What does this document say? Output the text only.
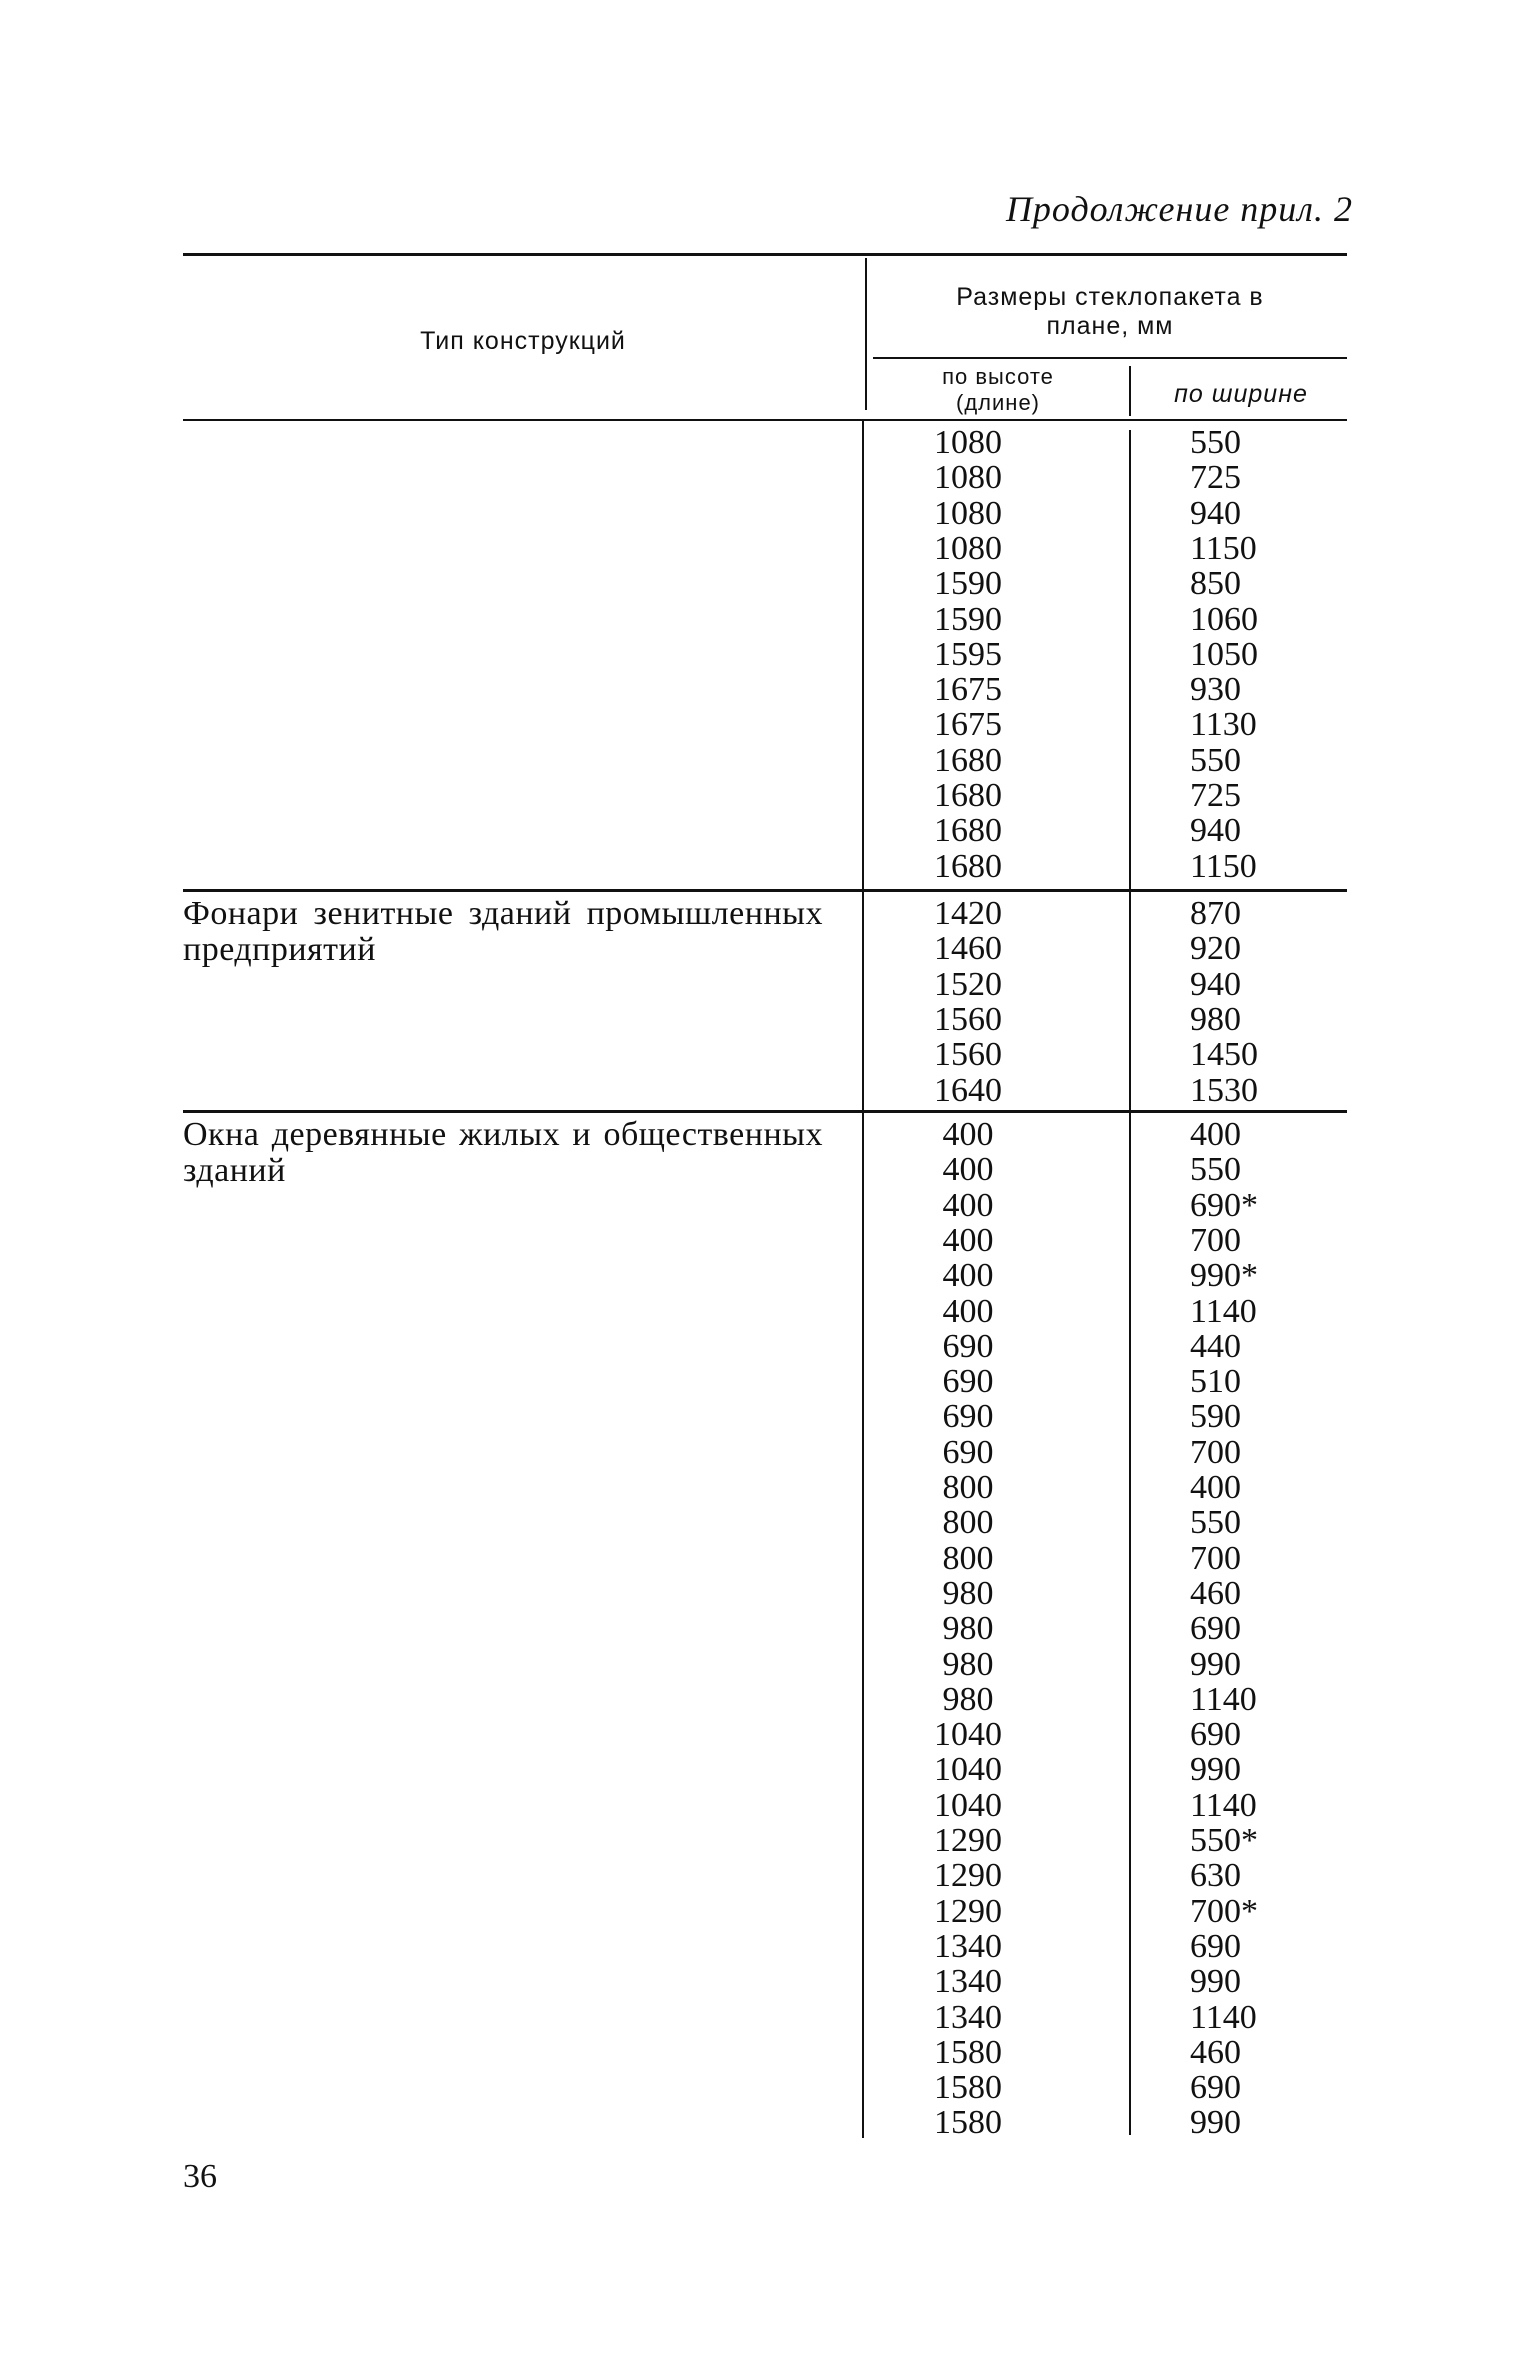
Продолжение прил. 2
Тип конструкций
Размеры стеклопакета в
плане, мм
по высоте
(длине)	по ширине
1080	550
1080	725
1080	940
1080	1150
1590	850
1590	1060
1595	1050
1675	930
1675	1130
1680	550
1680	725
1680	940
1680	1150
Фонари зенитные зданий промышленных предприятий
1420	870
1460	920
1520	940
1560	980
1560	1450
1640	1530
Окна деревянные жилых и общественных зданий
400	400
400	550
400	690*
400	700
400	990*
400	1140
690	440
690	510
690	590
690	700
800	400
800	550
800	700
980	460
980	690
980	990
980	1140
1040	690
1040	990
1040	1140
1290	550*
1290	630
1290	700*
1340	690
1340	990
1340	1140
1580	460
1580	690
1580	990
36
